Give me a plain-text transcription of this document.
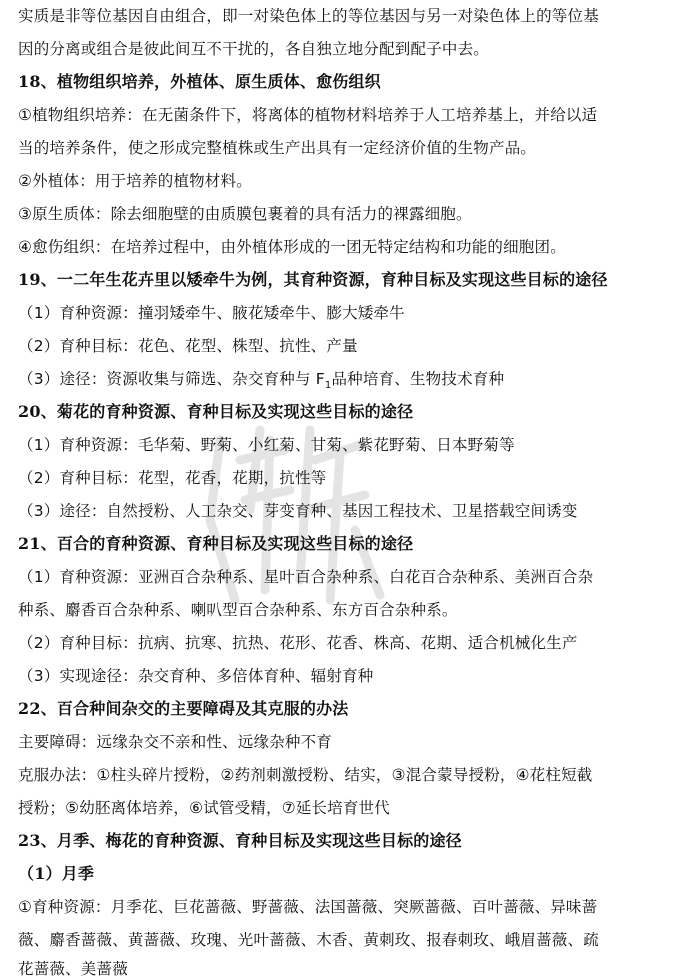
实质是非等位基因自由组合，即一对染色体上的等位基因与另一对染色体上的等位基
因的分离或组合是彼此间互不干扰的，各自独立地分配到配子中去。
18、植物组织培养，外植体、原生质体、愈伤组织
①植物组织培养：在无菌条件下，将离体的植物材料培养于人工培养基上，并给以适
当的培养条件，使之形成完整植株或生产出具有一定经济价值的生物产品。
②外植体：用于培养的植物材料。
③原生质体：除去细胞壁的由质膜包裹着的具有活力的裸露细胞。
④愈伤组织：在培养过程中，由外植体形成的一团无特定结构和功能的细胞团。
19、一二年生花卉里以矮牵牛为例，其育种资源，育种目标及实现这些目标的途径
（1）育种资源：撞羽矮牵牛、腋花矮牵牛、膨大矮牵牛
（2）育种目标：花色、花型、株型、抗性、产量
（3）途径：资源收集与筛选、杂交育种与 $F_1$品种培育、生物技术育种
20、菊花的育种资源、育种目标及实现这些目标的途径
（1）育种资源：毛华菊、野菊、小红菊、甘菊、紫花野菊、日本野菊等
（2）育种目标：花型，花香，花期，抗性等
（3）途径：自然授粉、人工杂交、芽变育种、基因工程技术、卫星搭载空间诱变
21、百合的育种资源、育种目标及实现这些目标的途径
（1）育种资源：亚洲百合杂种系、星叶百合杂种系、白花百合杂种系、美洲百合杂
种系、麝香百合杂种系、喇叭型百合杂种系、东方百合杂种系。
（2）育种目标：抗病、抗寒、抗热、花形、花香、株高、花期、适合机械化生产
（3）实现途径：杂交育种、多倍体育种、辐射育种
22、百合种间杂交的主要障碍及其克服的办法
主要障碍：远缘杂交不亲和性、远缘杂种不育
克服办法：①柱头碎片授粉，②药剂刺激授粉、结实，③混合蒙导授粉，④花柱短截
授粉；⑤幼胚离体培养，⑥试管受精，⑦延长培育世代
23、月季、梅花的育种资源、育种目标及实现这些目标的途径
（1）月季
①育种资源：月季花、巨花蔷薇、野蔷薇、法国蔷薇、突厥蔷薇、百叶蔷薇、异味蔷
薇、麝香蔷薇、黄蔷薇、玫瑰、光叶蔷薇、木香、黄刺玫、报春刺玫、峨眉蔷薇、疏
花蔷薇、美蔷薇
